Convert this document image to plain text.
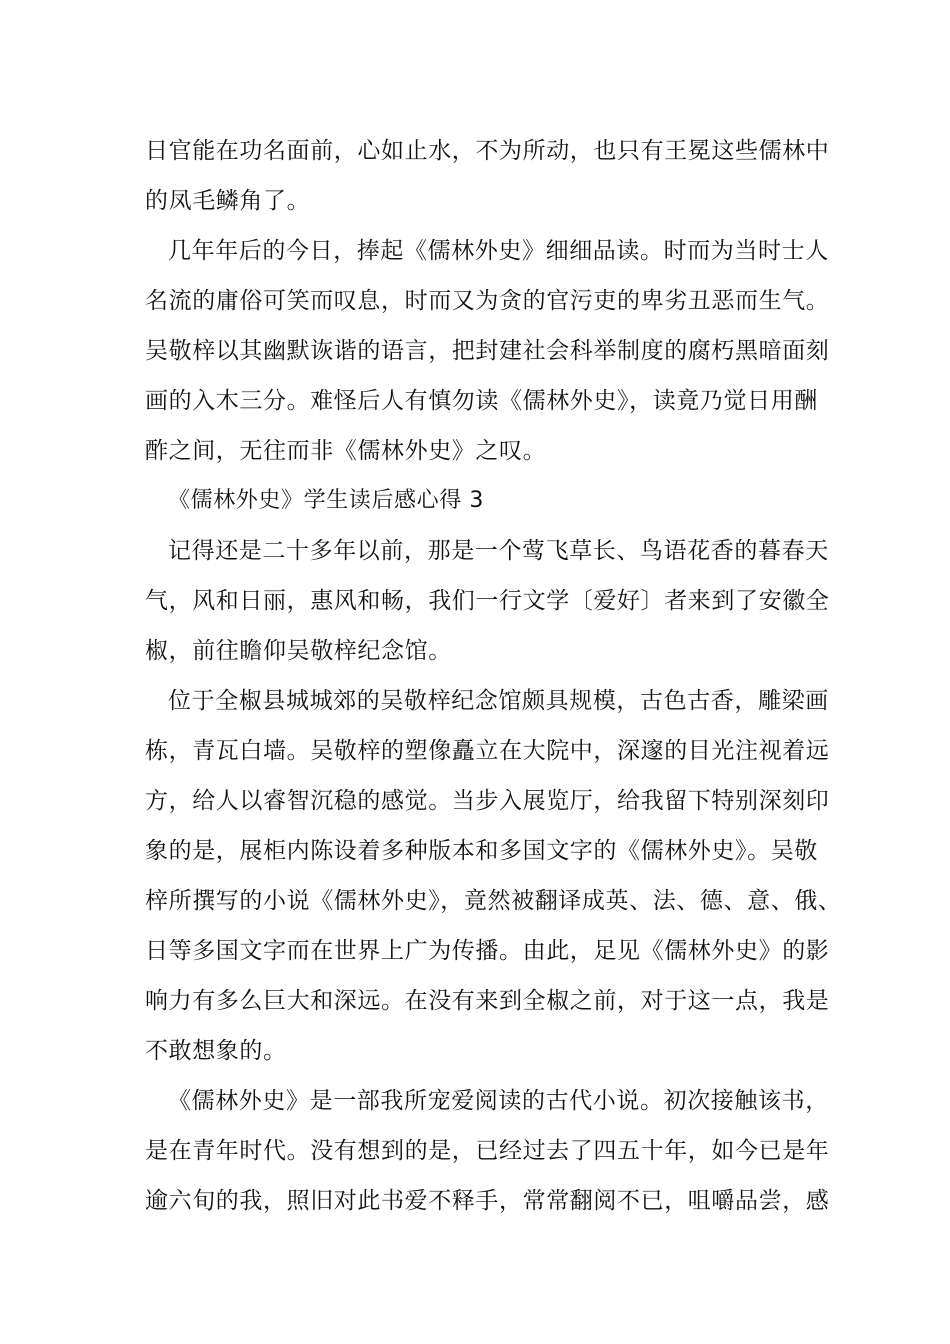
日官能在功名面前，心如止水，不为所动，也只有王冕这些儒林中
的凤毛鳞角了。
几年年后的今日，捧起《儒林外史》细细品读。时而为当时士人
名流的庸俗可笑而叹息，时而又为贪的官污吏的卑劣丑恶而生气。
吴敬梓以其幽默诙谐的语言，把封建社会科举制度的腐朽黑暗面刻
画的入木三分。难怪后人有慎勿读《儒林外史》，读竟乃觉日用酬
酢之间，无往而非《儒林外史》之叹。
《儒林外史》学生读后感心得 3
记得还是二十多年以前，那是一个莺飞草长、鸟语花香的暮春天
气，风和日丽，惠风和畅，我们一行文学〔爱好〕者来到了安徽全
椒，前往瞻仰吴敬梓纪念馆。
位于全椒县城城郊的吴敬梓纪念馆颇具规模，古色古香，雕梁画
栋，青瓦白墙。吴敬梓的塑像矗立在大院中，深邃的目光注视着远
方，给人以睿智沉稳的感觉。当步入展览厅，给我留下特别深刻印
象的是，展柜内陈设着多种版本和多国文字的《儒林外史》。吴敬
梓所撰写的小说《儒林外史》，竟然被翻译成英、法、德、意、俄、
日等多国文字而在世界上广为传播。由此，足见《儒林外史》的影
响力有多么巨大和深远。在没有来到全椒之前，对于这一点，我是
不敢想象的。
《儒林外史》是一部我所宠爱阅读的古代小说。初次接触该书，
是在青年时代。没有想到的是，已经过去了四五十年，如今已是年
逾六旬的我，照旧对此书爱不释手，常常翻阅不已，咀嚼品尝，感
